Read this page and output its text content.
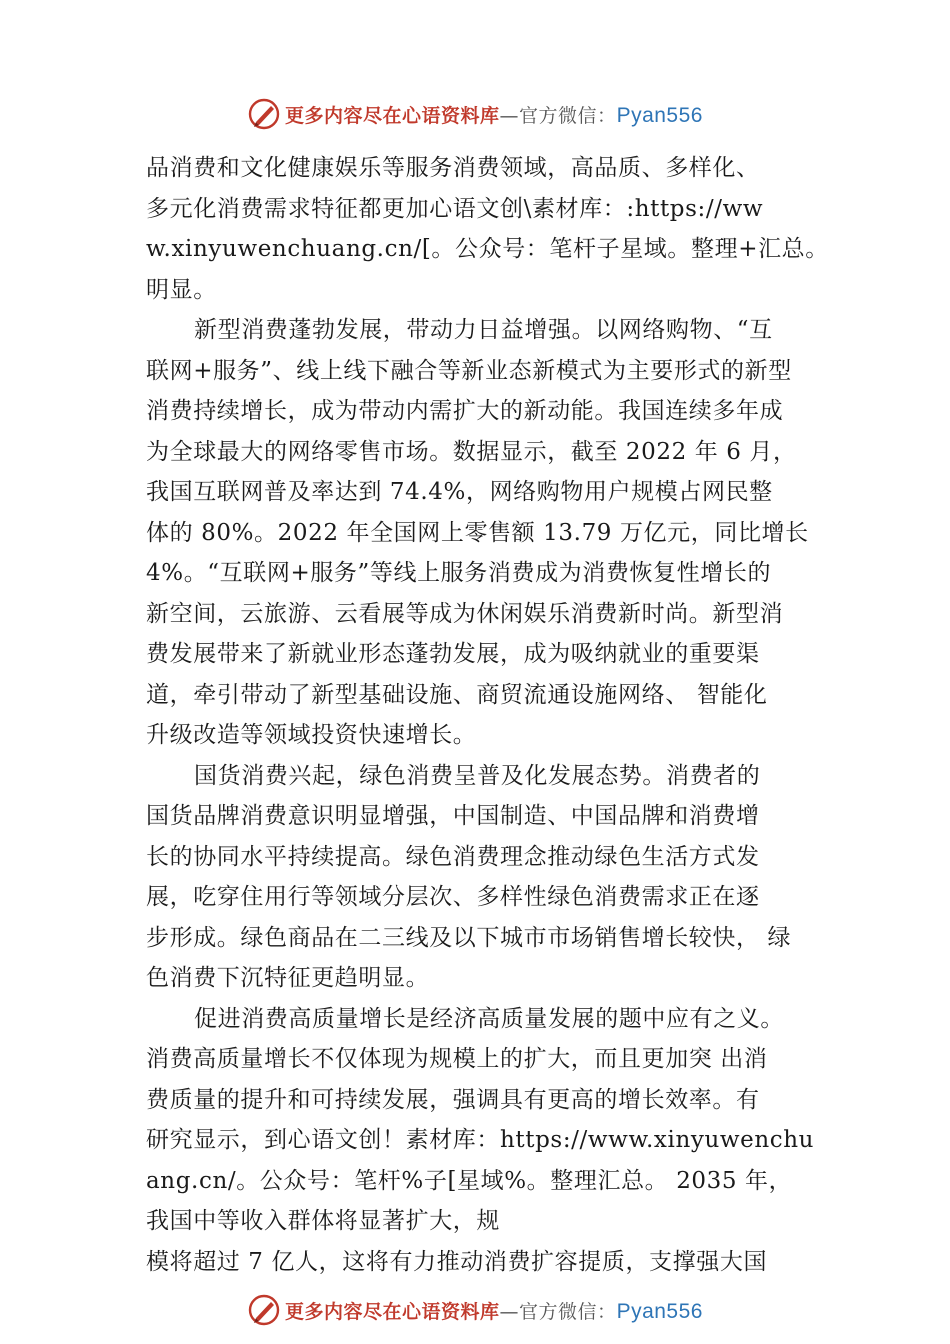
更多内容尽在心语资料库—官方微信：Pyan556
品消费和文化健康娱乐等服务消费领域，高品质、多样化、
多元化消费需求特征都更加心语文创\素材库：:https://ww
w.xinyuwenchuang.cn/[。公众号：笔杆子星域。整理+汇总。
明显。
新型消费蓬勃发展，带动力日益增强。以网络购物、“互
联网+服务”、线上线下融合等新业态新模式为主要形式的新型
消费持续增长，成为带动内需扩大的新动能。我国连续多年成
为全球最大的网络零售市场。数据显示，截至 2022 年 6 月，
我国互联网普及率达到 74.4%，网络购物用户规模占网民整
体的 80%。2022 年全国网上零售额 13.79 万亿元，同比增长
4%。“互联网+服务”等线上服务消费成为消费恢复性增长的
新空间，云旅游、云看展等成为休闲娱乐消费新时尚。新型消
费发展带来了新就业形态蓬勃发展，成为吸纳就业的重要渠
道，牵引带动了新型基础设施、商贸流通设施网络、 智能化
升级改造等领域投资快速增长。
国货消费兴起，绿色消费呈普及化发展态势。消费者的
国货品牌消费意识明显增强，中国制造、中国品牌和消费增
长的协同水平持续提高。绿色消费理念推动绿色生活方式发
展，吃穿住用行等领域分层次、多样性绿色消费需求正在逐
步形成。绿色商品在二三线及以下城市市场销售增长较快， 绿
色消费下沉特征更趋明显。
促进消费高质量增长是经济高质量发展的题中应有之义。
消费高质量增长不仅体现为规模上的扩大，而且更加突 出消
费质量的提升和可持续发展，强调具有更高的增长效率。有
研究显示，到心语文创！素材库：https://www.xinyuwenchu
ang.cn/。公众号：笔杆%子[星域%。整理汇总。 2035 年，
我国中等收入群体将显著扩大，规
模将超过 7 亿人，这将有力推动消费扩容提质，支撑强大国
更多内容尽在心语资料库—官方微信：Pyan556
